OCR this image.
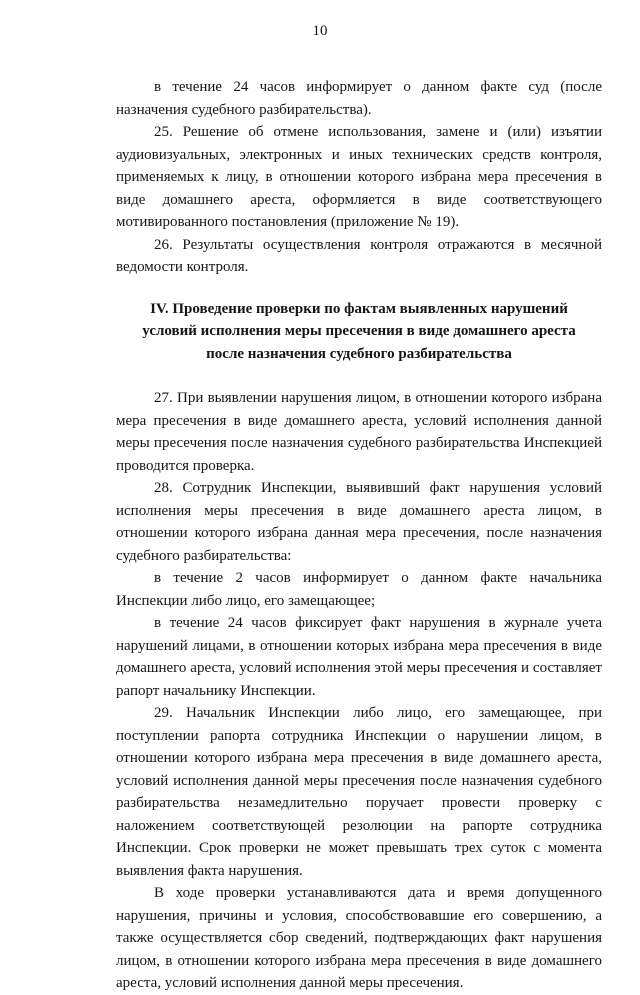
10

в течение 24 часов информирует о данном факте суд (после назначения судебного разбирательства).

25. Решение об отмене использования, замене и (или) изъятии аудиовизуальных, электронных и иных технических средств контроля, применяемых к лицу, в отношении которого избрана мера пресечения в виде домашнего ареста, оформляется в виде соответствующего мотивированного постановления (приложение № 19).

26. Результаты осуществления контроля отражаются в месячной ведомости контроля.

IV. Проведение проверки по фактам выявленных нарушений
условий исполнения меры пресечения в виде домашнего ареста
после назначения судебного разбирательства

27. При выявлении нарушения лицом, в отношении которого избрана мера пресечения в виде домашнего ареста, условий исполнения данной меры пресечения после назначения судебного разбирательства Инспекцией проводится проверка.

28. Сотрудник Инспекции, выявивший факт нарушения условий исполнения меры пресечения в виде домашнего ареста лицом, в отношении которого избрана данная мера пресечения, после назначения судебного разбирательства:

в течение 2 часов информирует о данном факте начальника Инспекции либо лицо, его замещающее;

в течение 24 часов фиксирует факт нарушения в журнале учета нарушений лицами, в отношении которых избрана мера пресечения в виде домашнего ареста, условий исполнения этой меры пресечения и составляет рапорт начальнику Инспекции.

29. Начальник Инспекции либо лицо, его замещающее, при поступлении рапорта сотрудника Инспекции о нарушении лицом, в отношении которого избрана мера пресечения в виде домашнего ареста, условий исполнения данной меры пресечения после назначения судебного разбирательства незамедлительно поручает провести проверку с наложением соответствующей резолюции на рапорте сотрудника Инспекции. Срок проверки не может превышать трех суток с момента выявления факта нарушения.

В ходе проверки устанавливаются дата и время допущенного нарушения, причины и условия, способствовавшие его совершению, а также осуществляется сбор сведений, подтверждающих факт нарушения лицом, в отношении которого избрана мера пресечения в виде домашнего ареста, условий исполнения данной меры пресечения.
